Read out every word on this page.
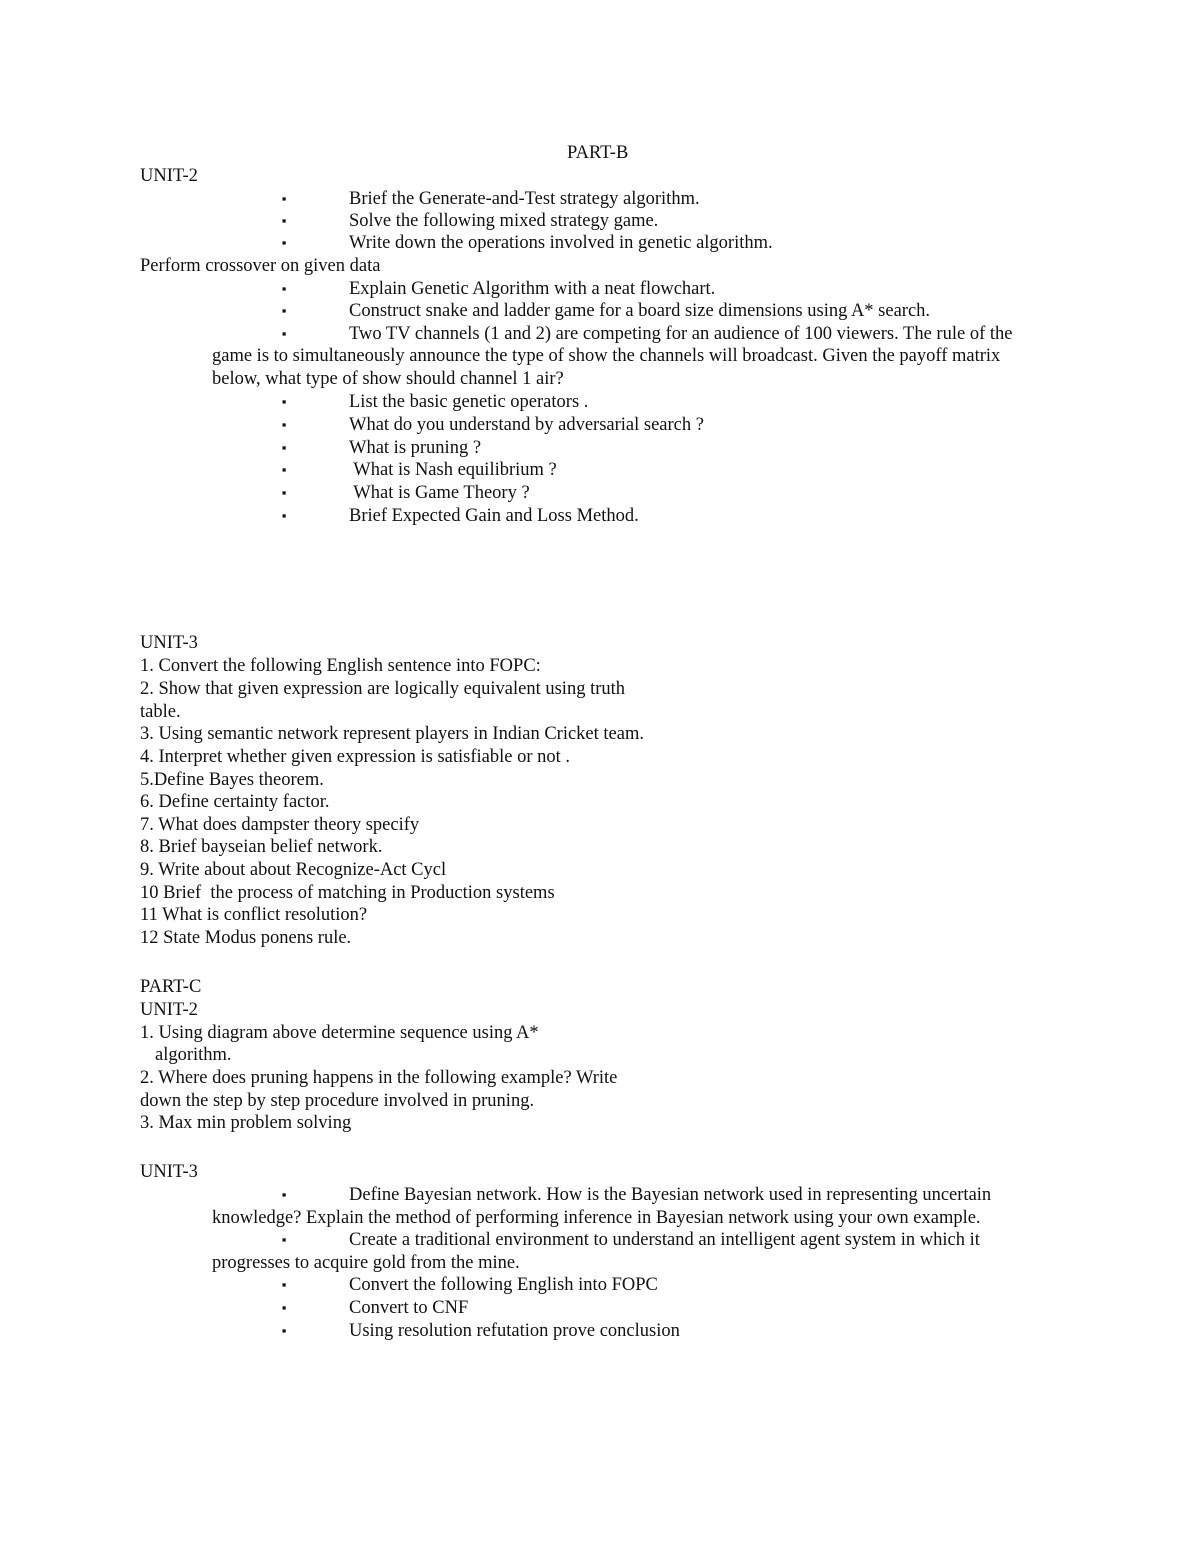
PART-B
UNIT-2
▪	Brief the Generate-and-Test strategy algorithm.
▪	Solve the following mixed strategy game.
▪	Write down the operations involved in genetic algorithm.
Perform crossover on given data
▪	Explain Genetic Algorithm with a neat flowchart.
▪	Construct snake and ladder game for a board size dimensions using A* search.
▪	Two TV channels (1 and 2) are competing for an audience of 100 viewers. The rule of the
game is to simultaneously announce the type of show the channels will broadcast. Given the payoff matrix
below, what type of show should channel 1 air?
▪	List the basic genetic operators .
▪	What do you understand by adversarial search ?
▪	What is pruning ?
▪	What is Nash equilibrium ?
▪	What is Game Theory ?
▪	Brief Expected Gain and Loss Method.
UNIT-3
1. Convert the following English sentence into FOPC:
2. Show that given expression are logically equivalent using truth
table.
3. Using semantic network represent players in Indian Cricket team.
4. Interpret whether given expression is satisfiable or not .
5.Define Bayes theorem.
6. Define certainty factor.
7. What does dampster theory specify
8. Brief bayseian belief network.
9. Write about about Recognize-Act Cycl
10 Brief  the process of matching in Production systems
11 What is conflict resolution?
12 State Modus ponens rule.
PART-C
UNIT-2
1. Using diagram above determine sequence using A*
algorithm.
2. Where does pruning happens in the following example? Write
down the step by step procedure involved in pruning.
3. Max min problem solving
UNIT-3
▪	Define Bayesian network. How is the Bayesian network used in representing uncertain
knowledge? Explain the method of performing inference in Bayesian network using your own example.
▪	Create a traditional environment to understand an intelligent agent system in which it
progresses to acquire gold from the mine.
▪	Convert the following English into FOPC
▪	Convert to CNF
▪	Using resolution refutation prove conclusion
